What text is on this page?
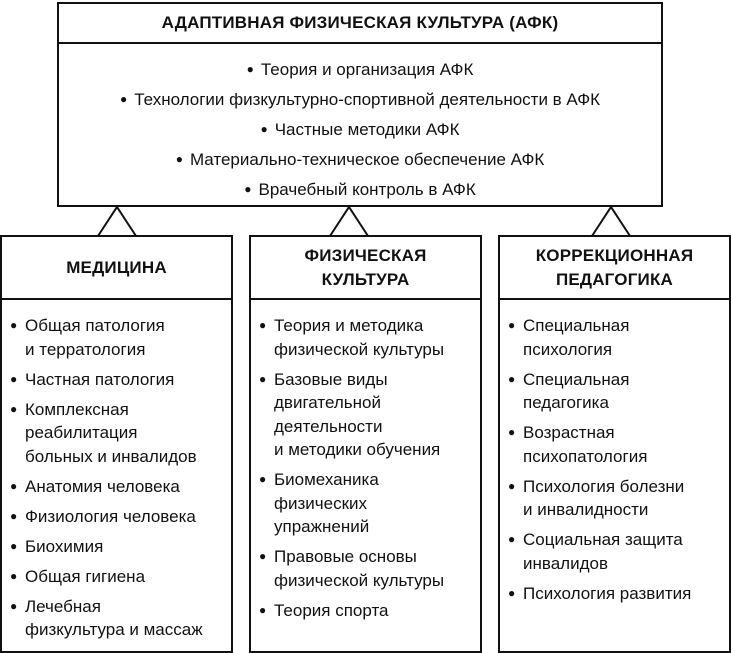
АДАПТИВНАЯ ФИЗИЧЕСКАЯ КУЛЬТУРА (АФК)
● Теория и организация АФК
● Технологии физкультурно-спортивной деятельности в АФК
● Частные методики АФК
● Материально-техническое обеспечение АФК
● Врачебный контроль в АФК
МЕДИЦИНА
● Общая патология
и терратология
● Частная патология
● Комплексная
реабилитация
больных и инвалидов
● Анатомия человека
● Физиология человека
● Биохимия
● Общая гигиена
● Лечебная
физкультура и массаж
ФИЗИЧЕСКАЯ
КУЛЬТУРА
● Теория и методика
физической культуры
● Базовые виды
двигательной
деятельности
и методики обучения
● Биомеханика
физических
упражнений
● Правовые основы
физической культуры
● Теория спорта
КОРРЕКЦИОННАЯ
ПЕДАГОГИКА
● Специальная
психология
● Специальная
педагогика
● Возрастная
психопатология
● Психология болезни
и инвалидности
● Социальная защита
инвалидов
● Психология развития
